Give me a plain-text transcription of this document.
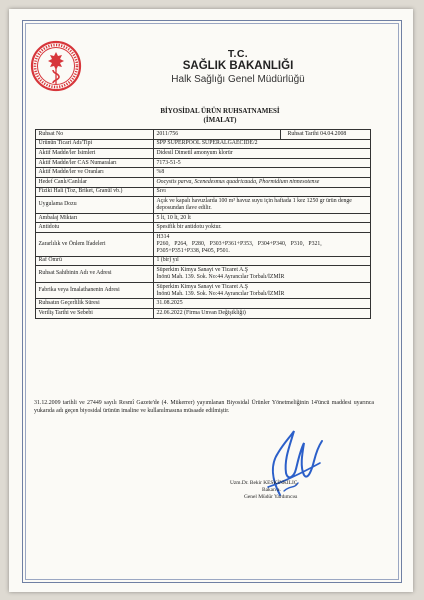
T.C.
SAĞLIK BAKANLIĞI
Halk Sağlığı Genel Müdürlüğü
BİYOSİDAL ÜRÜN RUHSATNAMESİ
(İMALAT)
Ruhsat No	2011/756	Ruhsat Tarihi 04.04.2008
Ürünün Ticari Adı/Tipi	SPP SUPERPOOL SUPERALGAECIDE/2	
Aktif Madde/ler İsimleri	Didesil Dimetil amonyum klorür	
Aktif Madde/ler CAS Numaraları	7173-51-5	
Aktif Madde/ler ve Oranları	%8	
Hedef Canlı/Canlılar	Oocystis parva, Scenedesmus quadricauda, Phormidium ninnesotense	
Fiziki Hali (Toz, Briket, Granül vb.)	Sıvı	
Uygulama Dozu	Açık ve kapalı havuzlarda 100 m³ havuz suyu için haftada 1 kez 1250 gr ürün denge deposundan ilave edilir.	
Ambalaj Miktarı	5 lt, 10 lt, 20 lt	
Antidotu	Spesifik bir antidotu yoktur.	
Zararlılık ve Önlem İfadeleri	H314
P260,   P264,   P280,   P303+P361+P353,   P304+P340,   P310,   P321,
P305+P351+P338, P405, P501.	

Raf Ömrü	1 (bir) yıl	
Ruhsat Sahibinin Adı ve Adresi	Süperkim Kimya Sanayi ve Ticaret A.Ş
İnönü Mah. 139. Sok. No:44 Ayrancılar Torbalı/İZMİR	

Fabrika veya İmalathanenin Adresi	Süperkim Kimya Sanayi ve Ticaret A.Ş
İnönü Mah. 139. Sok. No:44 Ayrancılar Torbalı/İZMİR	

Ruhsatın Geçerlilik Süresi	31.08.2025	
Veriliş Tarihi ve Sebebi	22.06.2022 (Firma Unvan Değişikliği)	
31.12.2009 tarihli ve 27449 sayılı Resmî Gazete'de (4. Mükerrer) yayımlanan Biyosidal Ürünler Yönetmeliğinin 14'üncü maddesi uyarınca yukarıda adı geçen biyosidal ürünün imaline ve kullanılmasına müsaade edilmiştir.
Uzm.Dr. Bekir KESKİNKILIÇ
Bakan a.
Genel Müdür Yardımcısı
